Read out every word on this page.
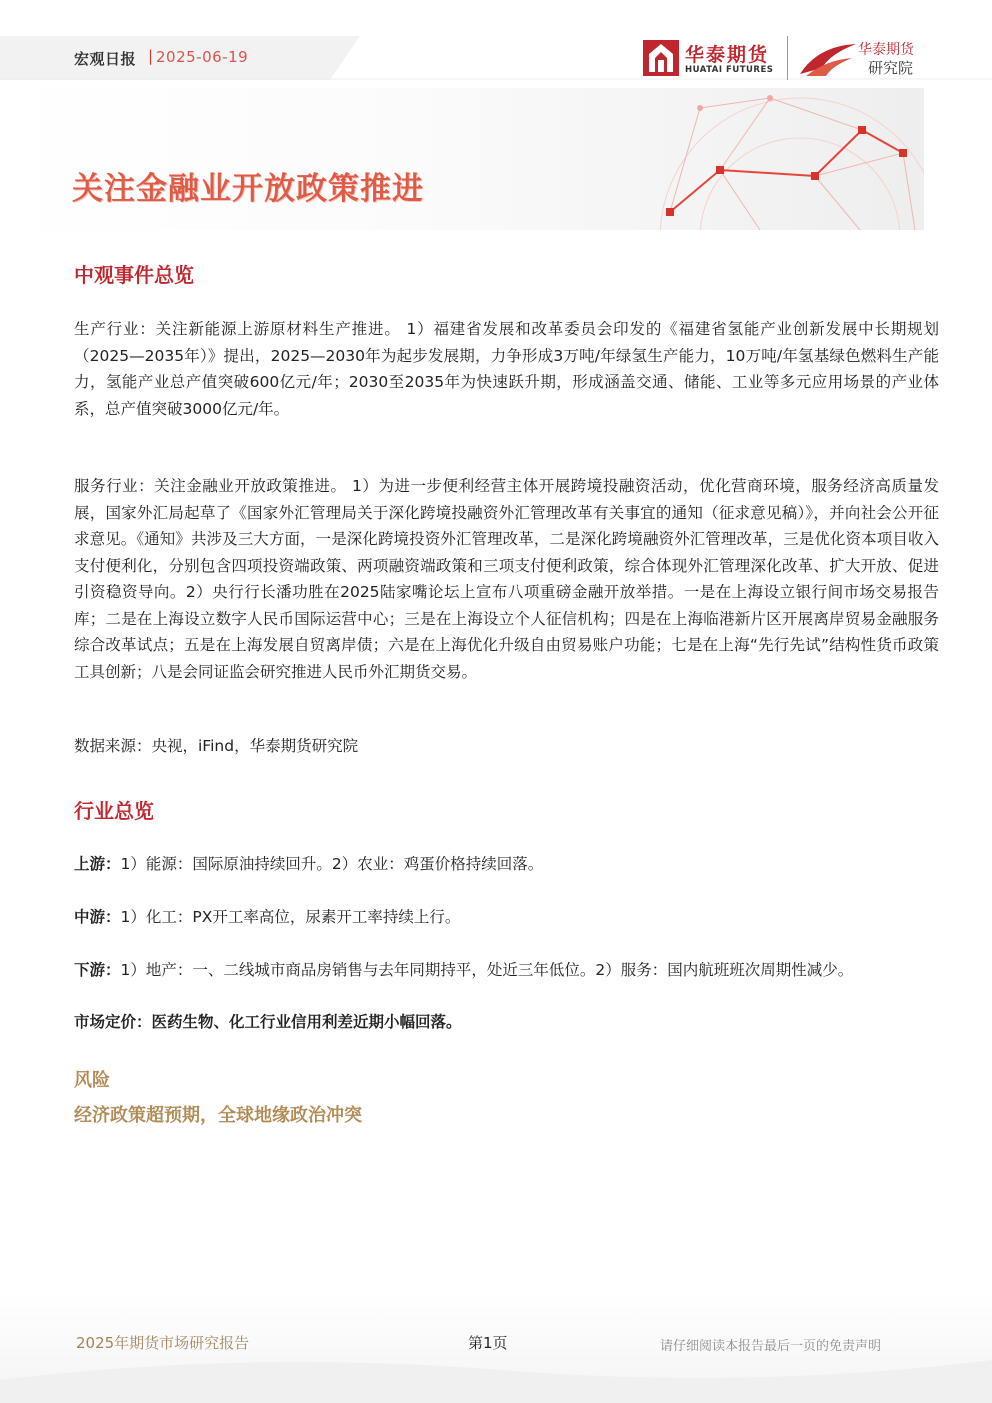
宏观日报 | 2025-06-19	华泰期货
HUATAI FUTURES
华泰期货
研究院
关注金融业开放政策推进
中观事件总览
生产行业：关注新能源上游原材料生产推进。 1）福建省发展和改革委员会印发的《福建省氢能产业创新发展中长期规划（2025—2035年）》提出，2025—2030年为起步发展期，力争形成3万吨/年绿氢生产能力，10万吨/年氢基绿色燃料生产能力，氢能产业总产值突破600亿元/年；2030至2035年为快速跃升期，形成涵盖交通、储能、工业等多元应用场景的产业体系，总产值突破3000亿元/年。
服务行业：关注金融业开放政策推进。 1）为进一步便利经营主体开展跨境投融资活动，优化营商环境，服务经济高质量发展，国家外汇局起草了《国家外汇管理局关于深化跨境投融资外汇管理改革有关事宜的通知（征求意见稿）》，并向社会公开征求意见。《通知》共涉及三大方面，一是深化跨境投资外汇管理改革，二是深化跨境融资外汇管理改革，三是优化资本项目收入支付便利化，分别包含四项投资端政策、两项融资端政策和三项支付便利政策，综合体现外汇管理深化改革、扩大开放、促进引资稳资导向。2）央行行长潘功胜在2025陆家嘴论坛上宣布八项重磅金融开放举措。一是在上海设立银行间市场交易报告库；二是在上海设立数字人民币国际运营中心；三是在上海设立个人征信机构；四是在上海临港新片区开展离岸贸易金融服务综合改革试点；五是在上海发展自贸离岸债；六是在上海优化升级自由贸易账户功能；七是在上海“先行先试”结构性货币政策工具创新；八是会同证监会研究推进人民币外汇期货交易。
数据来源：央视，iFind，华泰期货研究院
行业总览
上游：1）能源：国际原油持续回升。2）农业：鸡蛋价格持续回落。
中游：1）化工：PX开工率高位，尿素开工率持续上行。
下游：1）地产：一、二线城市商品房销售与去年同期持平，处近三年低位。2）服务：国内航班班次周期性减少。
市场定价：医药生物、化工行业信用利差近期小幅回落。
风险
经济政策超预期，全球地缘政治冲突
2025年期货市场研究报告	第1页	请仔细阅读本报告最后一页的免责声明
